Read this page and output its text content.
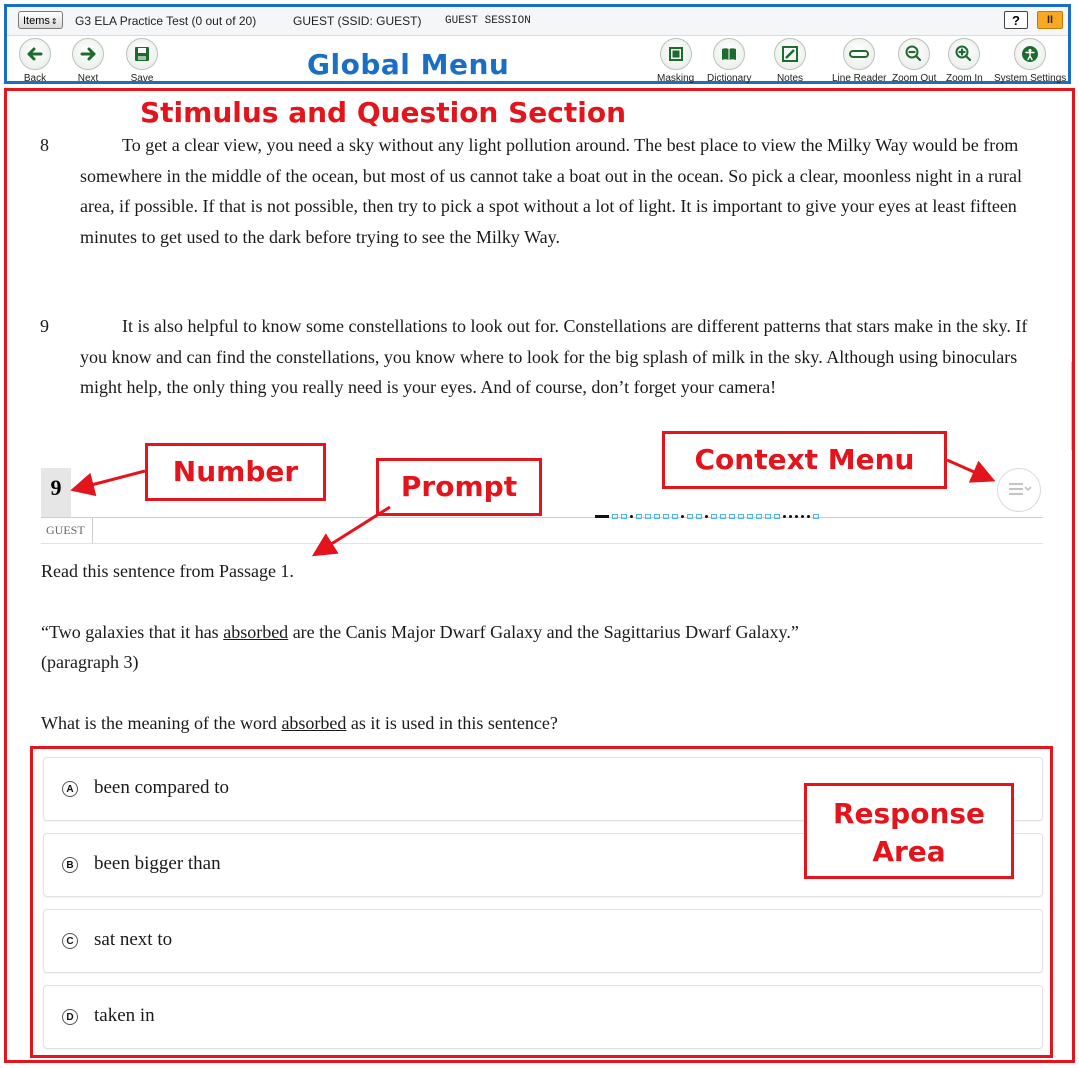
Items⇕	G3 ELA Practice Test (0 out of 20)	GUEST (SSID: GUEST) GUEST SESSION	?	II
Back	Next	Save	Global Menu	Masking Dictionary	Notes	Line Reader Zoom Out Zoom In System Settings
Stimulus and Question Section
8	To get a clear view, you need a sky without any light pollution around. The best place to view the Milky Way would be from somewhere in the middle of the ocean, but most of us cannot take a boat out in the ocean. So pick a clear, moonless night in a rural area, if possible. If that is not possible, then try to pick a spot without a lot of light. It is important to give your eyes at least fifteen minutes to get used to the dark before trying to see the Milky Way.
9	It is also helpful to know some constellations to look out for. Constellations are different patterns that stars make in the sky. If you know and can find the constellations, you know where to look for the big splash of milk in the sky. Although using binoculars might help, the only thing you really need is your eyes. And of course, don’t forget your camera!
9
GUEST
Read this sentence from Passage 1.
“Two galaxies that it has absorbed are the Canis Major Dwarf Galaxy and the Sagittarius Dwarf Galaxy.”
(paragraph 3)
What is the meaning of the word absorbed as it is used in this sentence?
A been compared to
B been bigger than
C sat next to
D taken in
Number	Prompt
Context Menu
Response
Area
